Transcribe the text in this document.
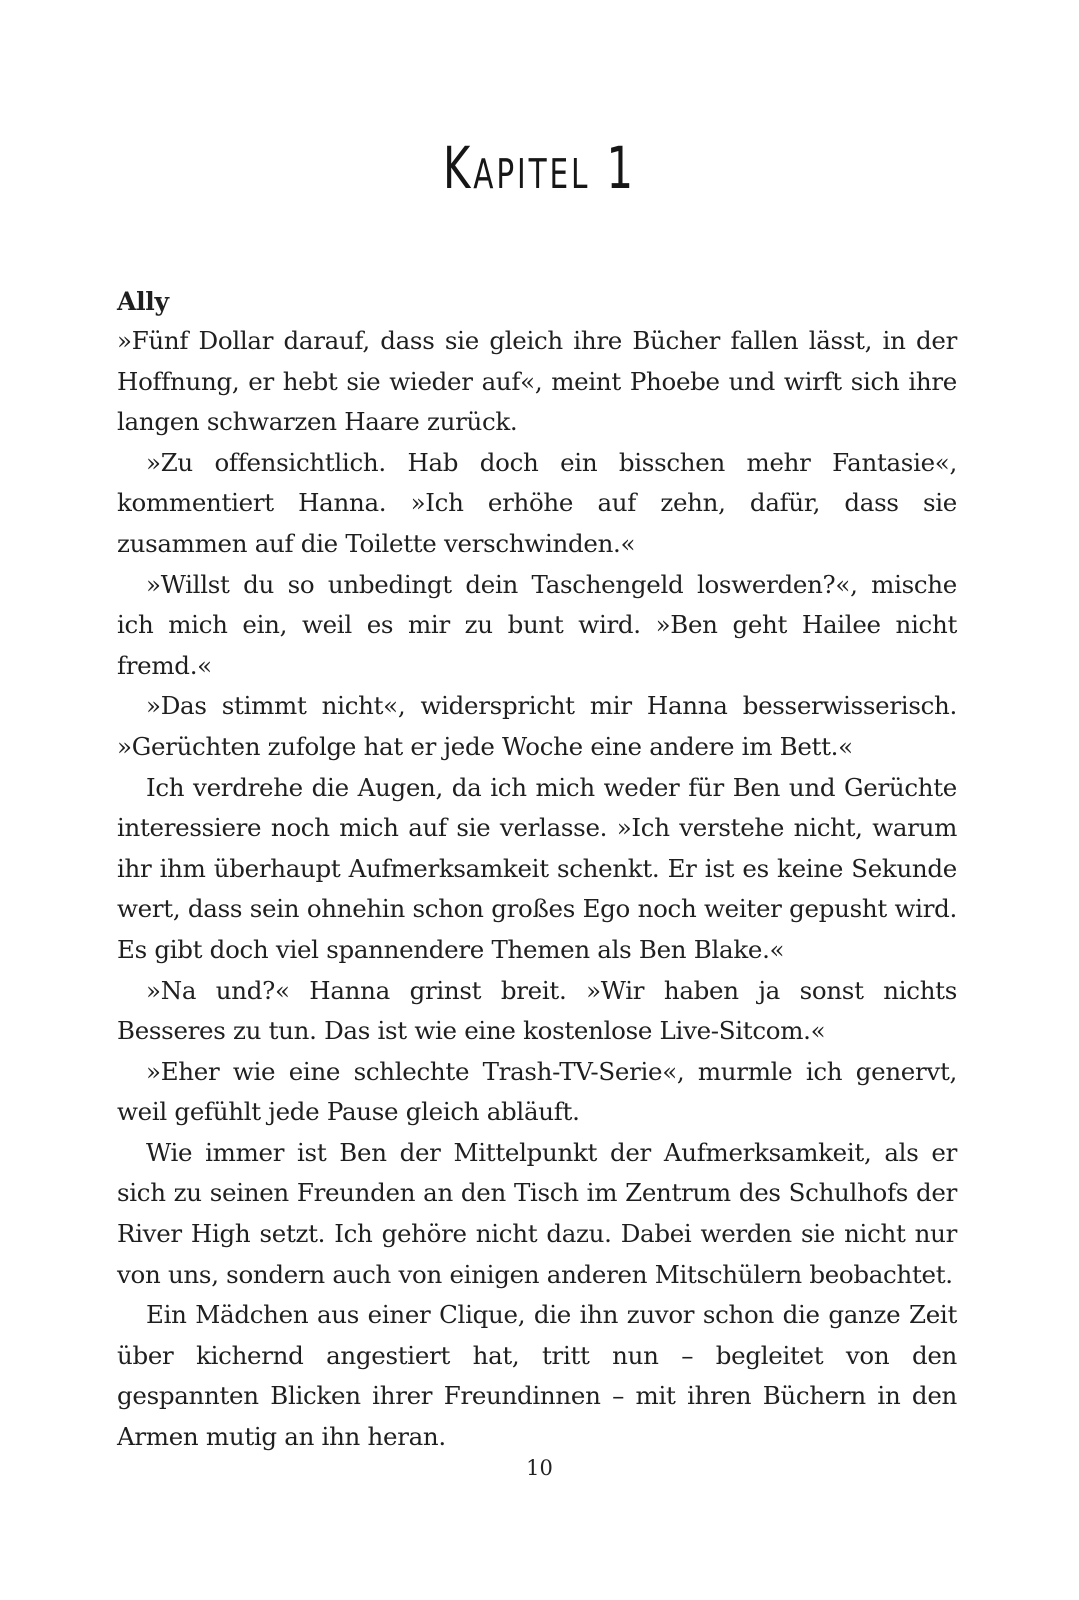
Kapitel 1

Ally

»Fünf Dollar darauf, dass sie gleich ihre Bücher fallen lässt, in der Hoffnung, er hebt sie wieder auf«, meint Phoebe und wirft sich ihre langen schwarzen Haare zurück.

»Zu offensichtlich. Hab doch ein bisschen mehr Fantasie«, kommentiert Hanna. »Ich erhöhe auf zehn, dafür, dass sie zusammen auf die Toilette verschwinden.«

»Willst du so unbedingt dein Taschengeld loswerden?«, mische ich mich ein, weil es mir zu bunt wird. »Ben geht Hailee nicht fremd.«

»Das stimmt nicht«, widerspricht mir Hanna besserwisserisch. »Gerüchten zufolge hat er jede Woche eine andere im Bett.«

Ich verdrehe die Augen, da ich mich weder für Ben und Gerüchte interessiere noch mich auf sie verlasse. »Ich verstehe nicht, warum ihr ihm überhaupt Aufmerksamkeit schenkt. Er ist es keine Sekunde wert, dass sein ohnehin schon großes Ego noch weiter gepusht wird. Es gibt doch viel spannendere Themen als Ben Blake.«

»Na und?« Hanna grinst breit. »Wir haben ja sonst nichts Besseres zu tun. Das ist wie eine kostenlose Live-Sitcom.«

»Eher wie eine schlechte Trash-TV-Serie«, murmle ich genervt, weil gefühlt jede Pause gleich abläuft.

Wie immer ist Ben der Mittelpunkt der Aufmerksamkeit, als er sich zu seinen Freunden an den Tisch im Zentrum des Schulhofs der River High setzt. Ich gehöre nicht dazu. Dabei werden sie nicht nur von uns, sondern auch von einigen anderen Mitschülern beobachtet.

Ein Mädchen aus einer Clique, die ihn zuvor schon die ganze Zeit über kichernd angestiert hat, tritt nun – begleitet von den gespannten Blicken ihrer Freundinnen – mit ihren Büchern in den Armen mutig an ihn heran.

10
